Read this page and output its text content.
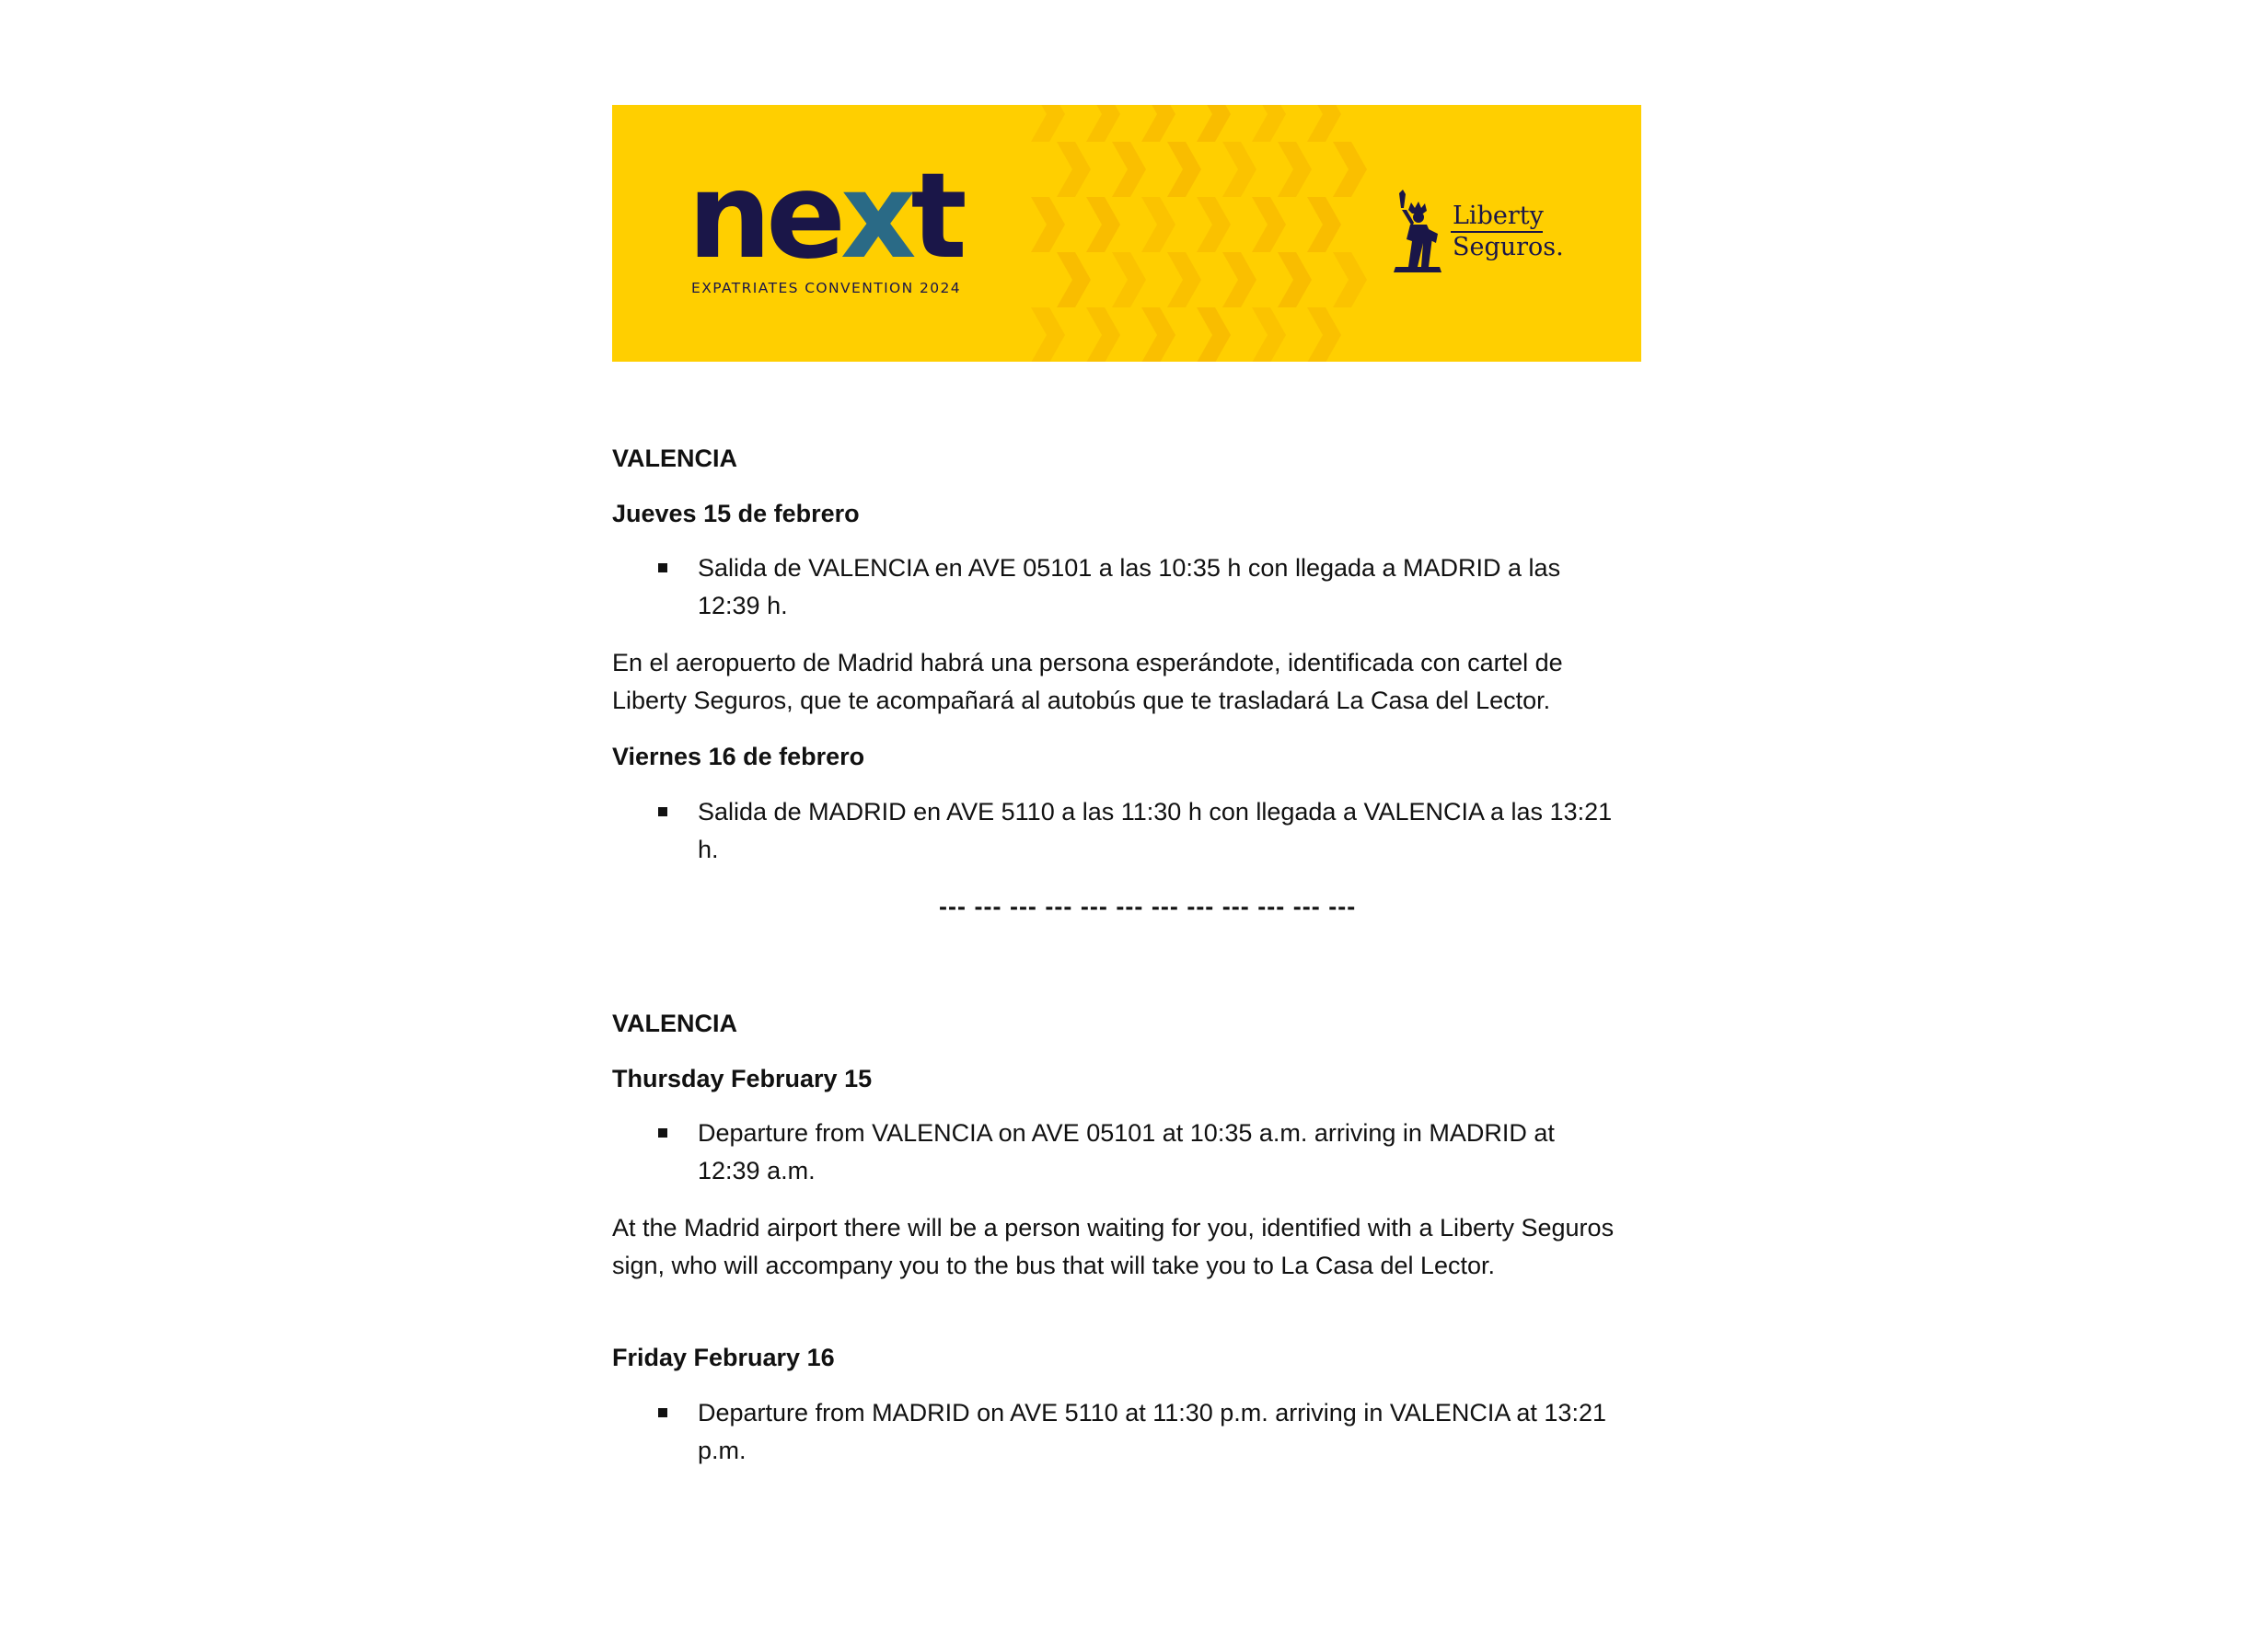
next
EXPATRIATES CONVENTION 2024
Liberty
Seguros.
VALENCIA
Jueves 15 de febrero
Salida de VALENCIA en AVE 05101 a las 10:35 h con llegada a MADRID a las 12:39 h.
En el aeropuerto de Madrid habrá una persona esperándote, identificada con cartel de Liberty Seguros, que te acompañará al autobús que te trasladará La Casa del Lector.
Viernes 16 de febrero
Salida de MADRID en AVE 5110 a las 11:30 h con llegada a VALENCIA a las 13:21 h.
--- --- --- --- --- --- --- --- --- --- --- ---
VALENCIA
Thursday February 15
Departure from VALENCIA on AVE 05101 at 10:35 a.m. arriving in MADRID at 12:39 a.m.
At the Madrid airport there will be a person waiting for you, identified with a Liberty Seguros sign, who will accompany you to the bus that will take you to La Casa del Lector.
Friday February 16
Departure from MADRID on AVE 5110 at 11:30 p.m. arriving in VALENCIA at 13:21 p.m.
